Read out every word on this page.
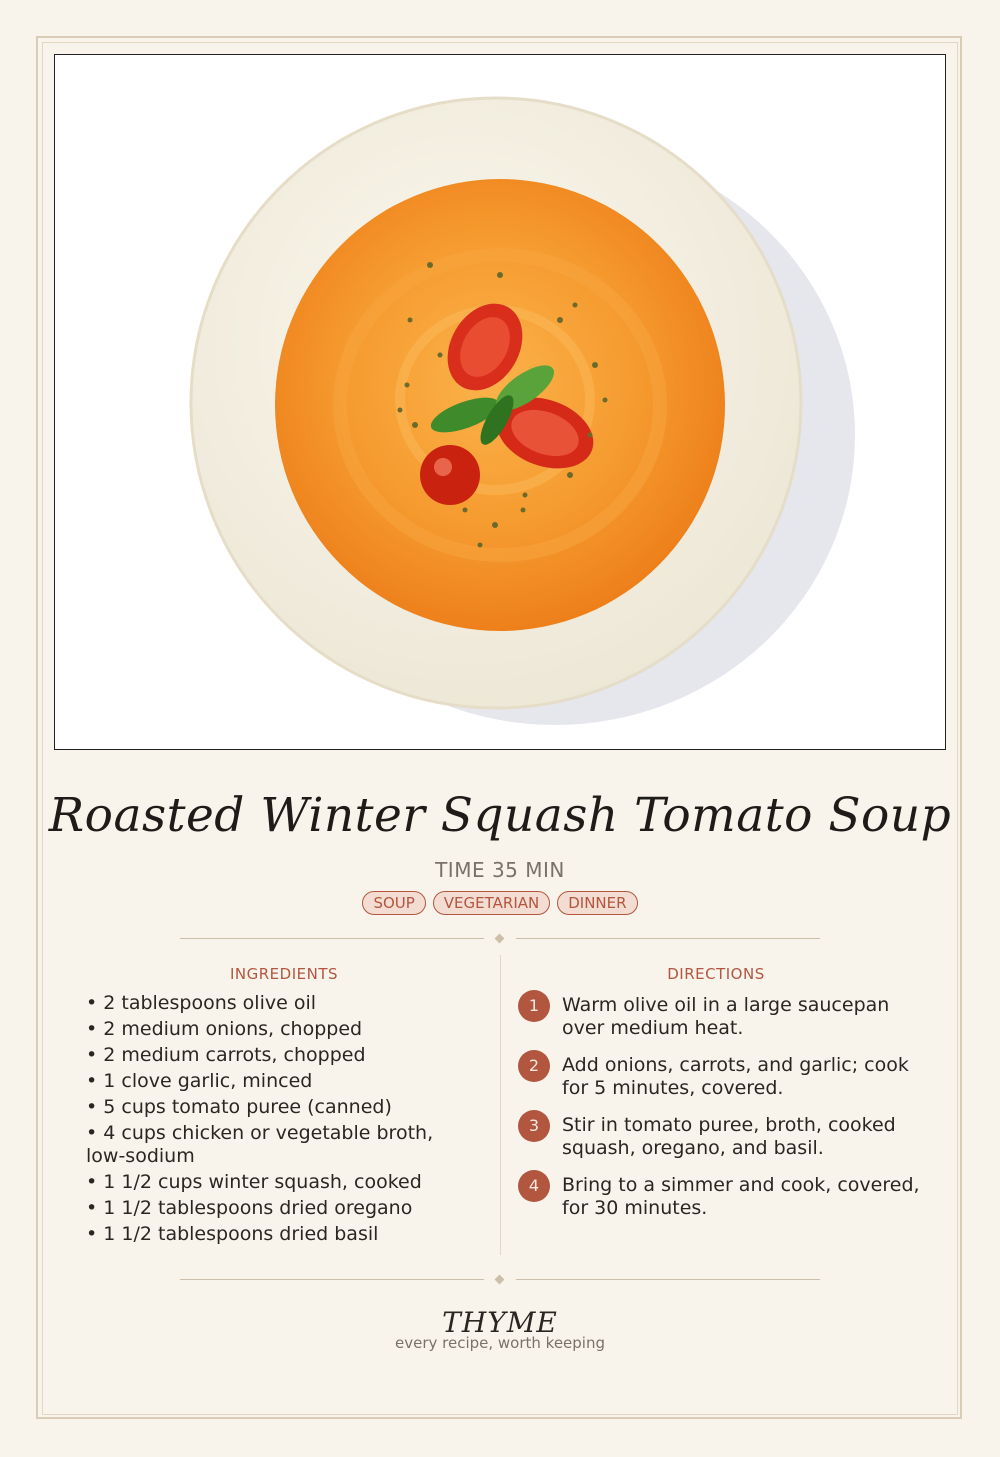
Roasted Winter Squash Tomato Soup
TIME 35 MIN
SOUP	VEGETARIAN	DINNER
INGREDIENTS	DIRECTIONS
• 2 tablespoons olive oil
• 2 medium onions, chopped
• 2 medium carrots, chopped
• 1 clove garlic, minced
• 5 cups tomato puree (canned)
• 4 cups chicken or vegetable broth, low-sodium
• 1 1/2 cups winter squash, cooked
• 1 1/2 tablespoons dried oregano
• 1 1/2 tablespoons dried basil
1	Warm olive oil in a large saucepan over medium heat.
2	Add onions, carrots, and garlic; cook for 5 minutes, covered.
3	Stir in tomato puree, broth, cooked squash, oregano, and basil.
4	Bring to a simmer and cook, covered, for 30 minutes.
THYME
every recipe, worth keeping
